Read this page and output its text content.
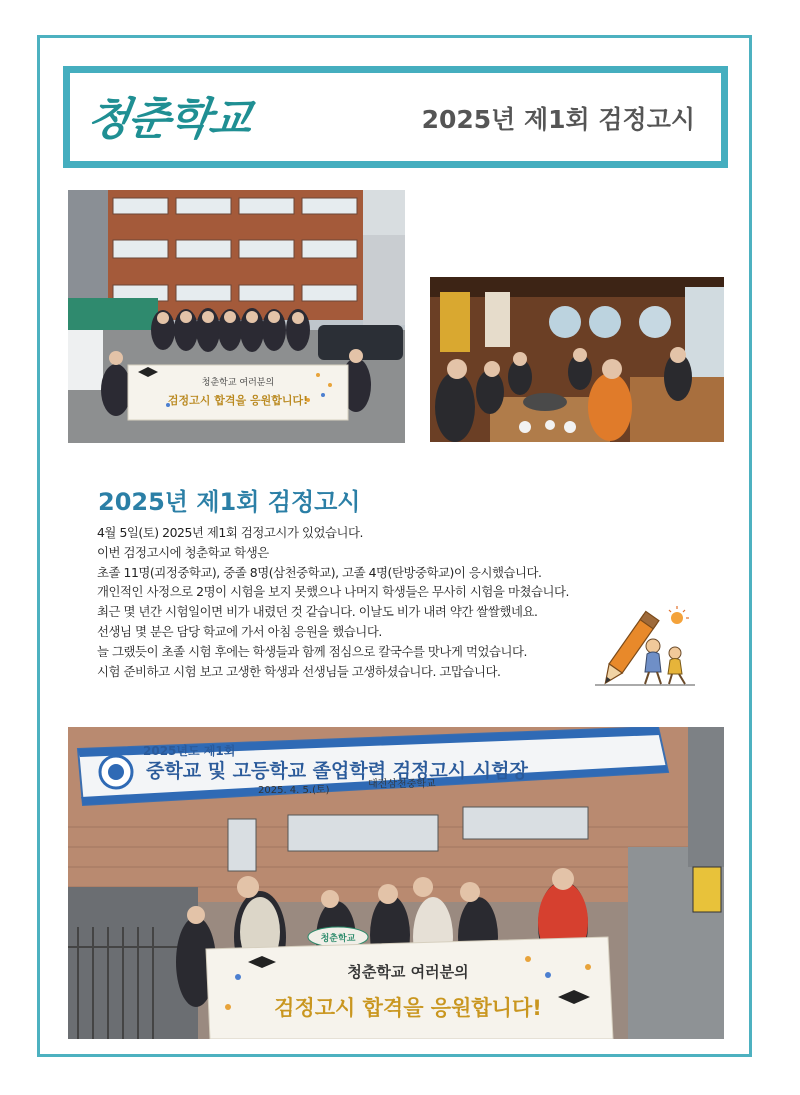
청춘학교	2025년 제1회 검정고시
청춘학교 여러분의
검정고시 합격을 응원합니다!
2025년 제1회 검정고시
4월 5일(토) 2025년 제1회 검정고시가 있었습니다.
이번 검정고시에 청춘학교 학생은
초졸 11명(괴정중학교), 중졸 8명(삼천중학교), 고졸 4명(탄방중학교)이 응시했습니다.
개인적인 사정으로 2명이 시험을 보지 못했으나 나머지 학생들은 무사히 시험을 마쳤습니다.
최근 몇 년간 시험일이면 비가 내렸던 것 같습니다. 이날도 비가 내려 약간 쌀쌀했네요.
선생님 몇 분은 담당 학교에 가서 아침 응원을 했습니다.
늘 그랬듯이 초졸 시험 후에는 학생들과 함께 점심으로 칼국수를 맛나게 먹었습니다.
시험 준비하고 시험 보고 고생한 학생과 선생님들 고생하셨습니다. 고맙습니다.
2025년도 제1회
중학교 및 고등학교 졸업학력 검정고시 시험장
2025. 4. 5.(토)
대전삼천중학교
청춘학교
청춘학교 여러분의
검정고시 합격을 응원합니다!
